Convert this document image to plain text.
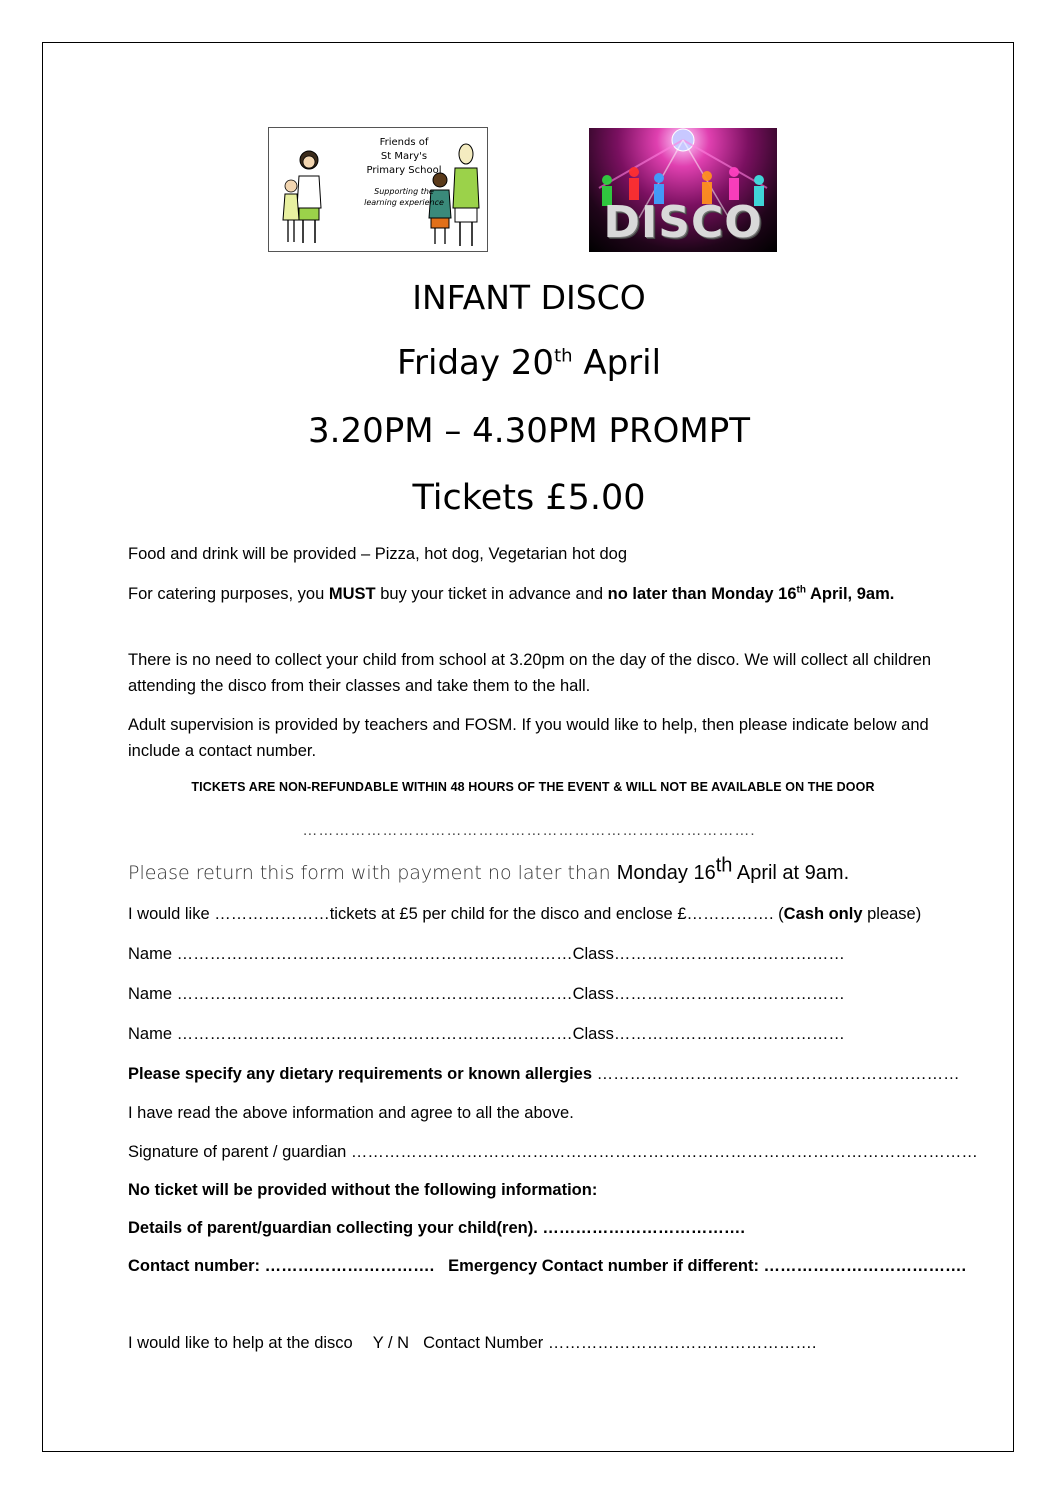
Friends of
St Mary's
Primary School
Supporting the
learning experience	DISCO
INFANT DISCO
Friday 20th April
3.20PM – 4.30PM PROMPT
Tickets £5.00
Food and drink will be provided – Pizza, hot dog, Vegetarian hot dog
For catering purposes, you MUST buy your ticket in advance and no later than Monday 16th April, 9am.
There is no need to collect your child from school at 3.20pm on the day of the disco. We will collect all children attending the disco from their classes and take them to the hall.
Adult supervision is provided by teachers and FOSM. If you would like to help, then please indicate below and include a contact number.
TICKETS ARE NON-REFUNDABLE WITHIN 48 HOURS OF THE EVENT & WILL NOT BE AVAILABLE ON THE DOOR
………………………………………………………………………….
Please return this form with payment no later than Monday 16th April at 9am.
I would like …………………tickets at £5 per child for the disco and enclose £……………. (Cash only please)
Name ………………………………………………………………Class……………………………………
Name ………………………………………………………………Class……………………………………
Name ………………………………………………………………Class……………………………………
Please specify any dietary requirements or known allergies …………………………………………………………
I have read the above information and agree to all the above.
Signature of parent / guardian ……………………………………………………………………………………………………
No ticket will be provided without the following information:
Details of parent/guardian collecting your child(ren). ……………………………….
Contact number: …………………………. Emergency Contact number if different: ……………………………….
I would like to help at the disco Y / N Contact Number ………………………………………….
